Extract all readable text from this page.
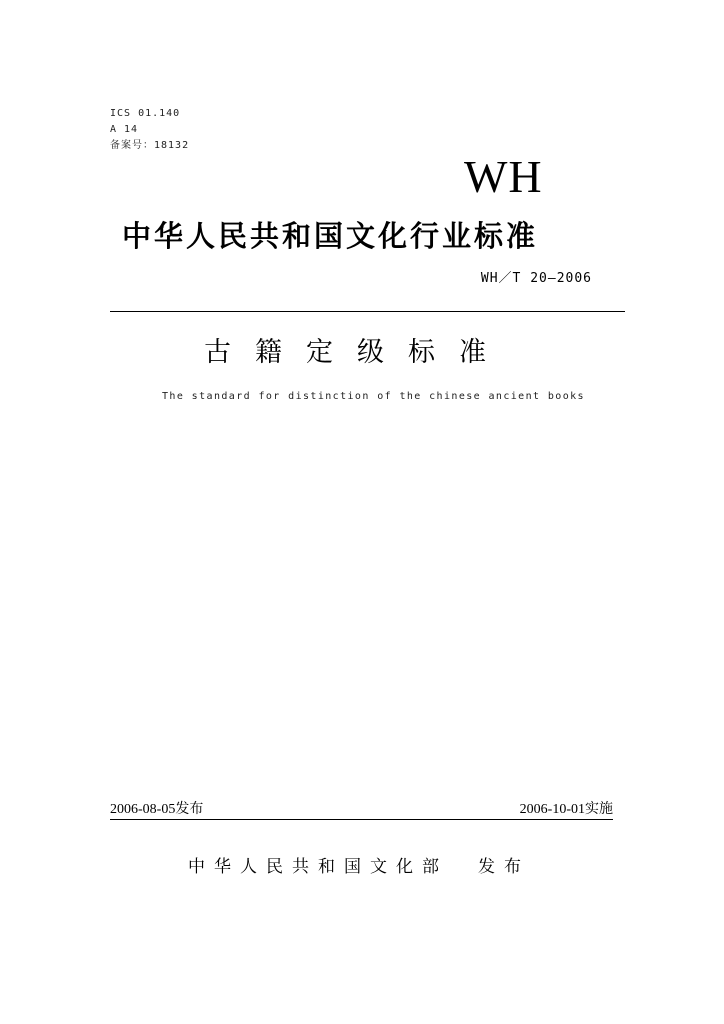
ICS 01.140
A 14
备案号：18132
WH
中华人民共和国文化行业标准
WH／T 20—2006
古籍定级标准
The standard for distinction of the chinese ancient books
2006-08-05发布	2006-10-01实施
中华人民共和国文化部 发布
